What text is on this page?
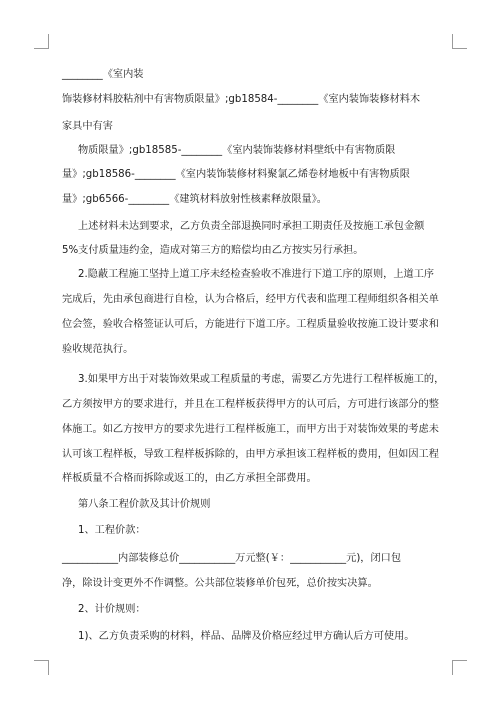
________《室内装
饰装修材料胶粘剂中有害物质限量》;gb18584-________《室内装饰装修材料木
家具中有害
物质限量》;gb18585-________《室内装饰装修材料壁纸中有害物质限
量》;gb18586-________《室内装饰装修材料聚氯乙烯卷材地板中有害物质限
量》;gb6566-________《建筑材料放射性核素释放限量》。
上述材料未达到要求，乙方负责全部退换同时承担工期责任及按施工承包金额
5%支付质量违约金，造成对第三方的赔偿均由乙方按实另行承担。
2.隐蔽工程施工坚持上道工序未经检查验收不准进行下道工序的原则，上道工序
完成后，先由承包商进行自检，认为合格后，经甲方代表和监理工程师组织各相关单
位会签，验收合格签证认可后，方能进行下道工序。工程质量验收按施工设计要求和
验收规范执行。
3.如果甲方出于对装饰效果或工程质量的考虑，需要乙方先进行工程样板施工的，
乙方须按甲方的要求进行，并且在工程样板获得甲方的认可后，方可进行该部分的整
体施工。如乙方按甲方的要求先进行工程样板施工，而甲方出于对装饰效果的考虑未
认可该工程样板，导致工程样板拆除的，由甲方承担该工程样板的费用，但如因工程
样板质量不合格而拆除或返工的，由乙方承担全部费用。
第八条工程价款及其计价规则
1、工程价款：
___________内部装修总价___________万元整(￥：___________元)，闭口包
净，除设计变更外不作调整。公共部位装修单价包死，总价按实决算。
2、计价规则：
1)、乙方负责采购的材料，样品、品牌及价格应经过甲方确认后方可使用。
